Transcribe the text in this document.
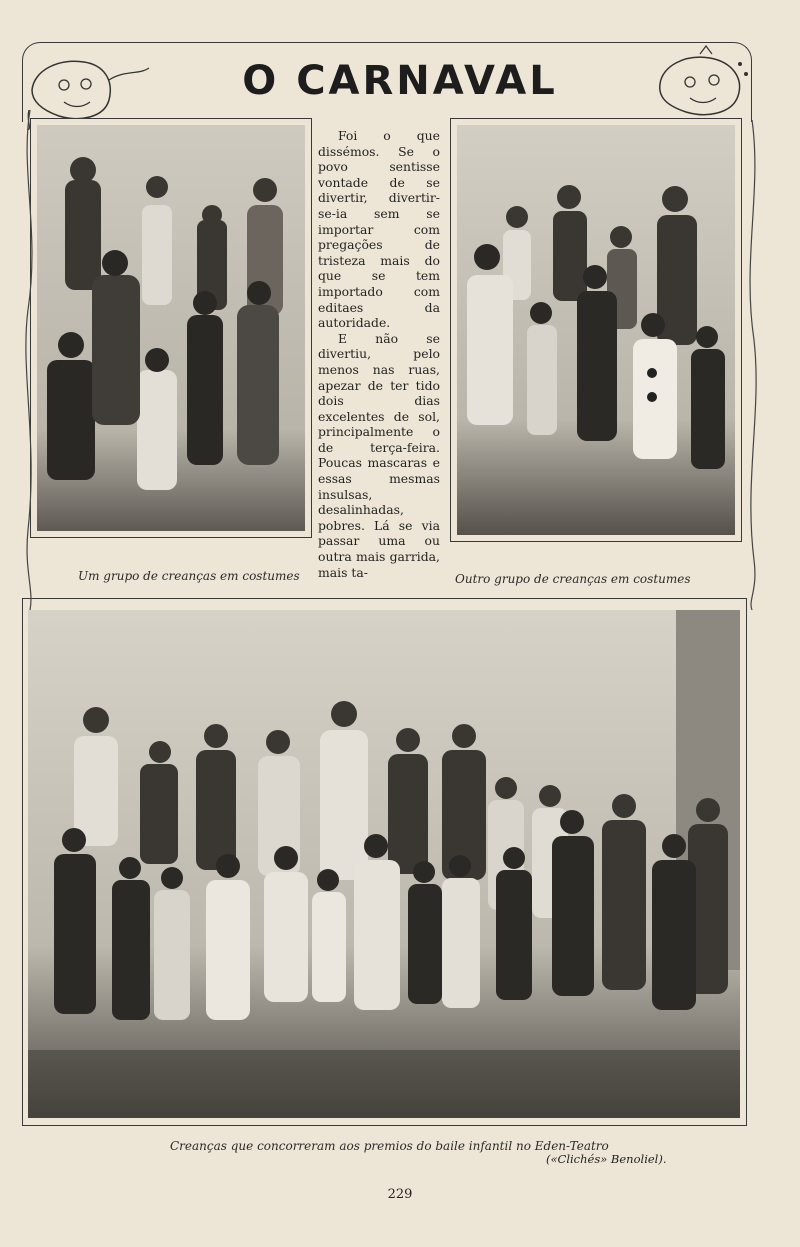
O CARNAVAL
Um grupo de creanças em costumes

Foi o que dissémos. Se o povo sentisse vontade de se divertir, divertir-se-ia sem se importar com pregações de tristeza mais do que se tem importado com editaes da autoridade.

E não se divertiu, pelo menos nas ruas, apezar de ter tido dois dias excelentes de sol, principalmente o de terça-feira. Poucas mascaras e essas mesmas insulsas, desalinhadas, pobres. Lá se via passar uma ou outra mais garrida, mais ta-	Outro grupo de creanças em costumes
Creanças que concorreram aos premios do baile infantil no Eden-Teatro
(«Clichés» Benoliel).
229
